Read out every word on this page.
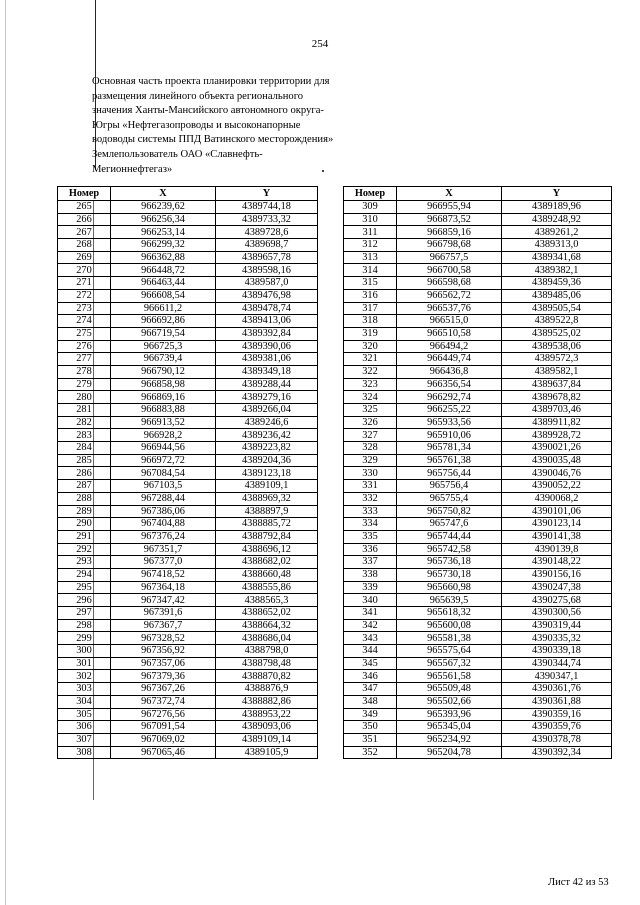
254
Основная часть проекта планировки территории для
размещения линейного объекта регионального
значения Ханты-Мансийского автономного округа-
Югры «Нефтегазопроводы и высоконапорные
водоводы системы ППД Ватинского месторождения»
Землепользователь ОАО «Славнефть-
Мегионнефтегаз»
Номер	X	Y
265	966239,62	4389744,18
266	966256,34	4389733,32
267	966253,14	4389728,6
268	966299,32	4389698,7
269	966362,88	4389657,78
270	966448,72	4389598,16
271	966463,44	4389587,0
272	966608,54	4389476,98
273	966611,2	4389478,74
274	966692,86	4389413,06
275	966719,54	4389392,84
276	966725,3	4389390,06
277	966739,4	4389381,06
278	966790,12	4389349,18
279	966858,98	4389288,44
280	966869,16	4389279,16
281	966883,88	4389266,04
282	966913,52	4389246,6
283	966928,2	4389236,42
284	966944,56	4389223,82
285	966972,72	4389204,36
286	967084,54	4389123,18
287	967103,5	4389109,1
288	967288,44	4388969,32
289	967386,06	4388897,9
290	967404,88	4388885,72
291	967376,24	4388792,84
292	967351,7	4388696,12
293	967377,0	4388682,02
294	967418,52	4388660,48
295	967364,18	4388555,86
296	967347,42	4388565,3
297	967391,6	4388652,02
298	967367,7	4388664,32
299	967328,52	4388686,04
300	967356,92	4388798,0
301	967357,06	4388798,48
302	967379,36	4388870,82
303	967367,26	4388876,9
304	967372,74	4388882,86
305	967276,56	4388953,22
306	967091,54	4389093,06
307	967069,02	4389109,14
308	967065,46	4389105,9
Номер	X	Y
309	966955,94	4389189,96
310	966873,52	4389248,92
311	966859,16	4389261,2
312	966798,68	4389313,0
313	966757,5	4389341,68
314	966700,58	4389382,1
315	966598,68	4389459,36
316	966562,72	4389485,06
317	966537,76	4389505,54
318	966515,0	4389522,8
319	966510,58	4389525,02
320	966494,2	4389538,06
321	966449,74	4389572,3
322	966436,8	4389582,1
323	966356,54	4389637,84
324	966292,74	4389678,82
325	966255,22	4389703,46
326	965933,56	4389911,82
327	965910,06	4389928,72
328	965781,34	4390021,26
329	965761,38	4390035,48
330	965756,44	4390046,76
331	965756,4	4390052,22
332	965755,4	4390068,2
333	965750,82	4390101,06
334	965747,6	4390123,14
335	965744,44	4390141,38
336	965742,58	4390139,8
337	965736,18	4390148,22
338	965730,18	4390156,16
339	965660,98	4390247,38
340	965639,5	4390275,68
341	965618,32	4390300,56
342	965600,08	4390319,44
343	965581,38	4390335,32
344	965575,64	4390339,18
345	965567,32	4390344,74
346	965561,58	4390347,1
347	965509,48	4390361,76
348	965502,66	4390361,88
349	965393,96	4390359,16
350	965345,04	4390359,76
351	965234,92	4390378,78
352	965204,78	4390392,34
Лист 42 из 53
